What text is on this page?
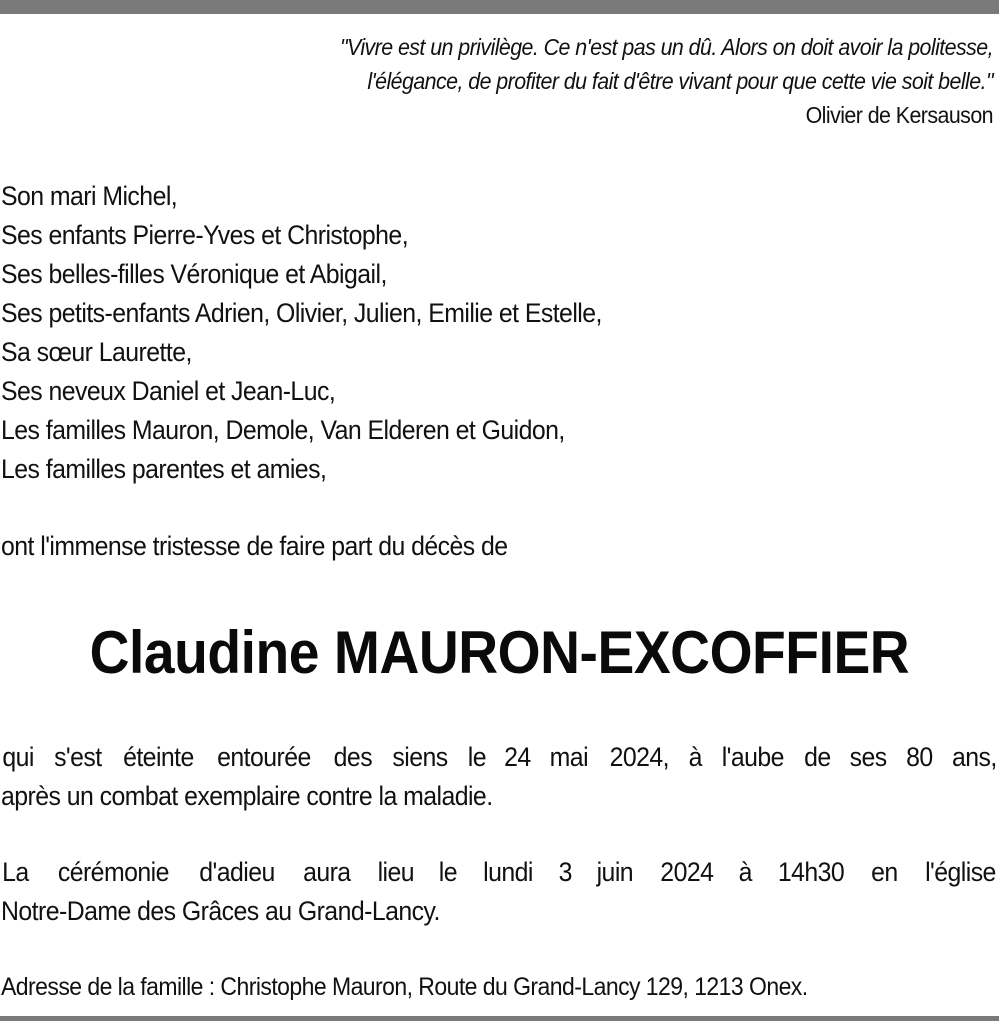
"Vivre est un privilège. Ce n'est pas un dû. Alors on doit avoir la politesse,
l'élégance, de profiter du fait d'être vivant pour que cette vie soit belle."
Olivier de Kersauson
Son mari Michel,
Ses enfants Pierre-Yves et Christophe,
Ses belles-filles Véronique et Abigail,
Ses petits-enfants Adrien, Olivier, Julien, Emilie et Estelle,
Sa sœur Laurette,
Ses neveux Daniel et Jean-Luc,
Les familles Mauron, Demole, Van Elderen et Guidon,
Les familles parentes et amies,
ont l'immense tristesse de faire part du décès de
Claudine MAURON-EXCOFFIER
qui s'est éteinte entourée des siens le 24 mai 2024, à l'aube de ses 80 ans,
après un combat exemplaire contre la maladie.
La cérémonie d'adieu aura lieu le lundi 3 juin 2024 à 14h30 en l'église
Notre-Dame des Grâces au Grand-Lancy.
Adresse de la famille : Christophe Mauron, Route du Grand-Lancy 129, 1213 Onex.
